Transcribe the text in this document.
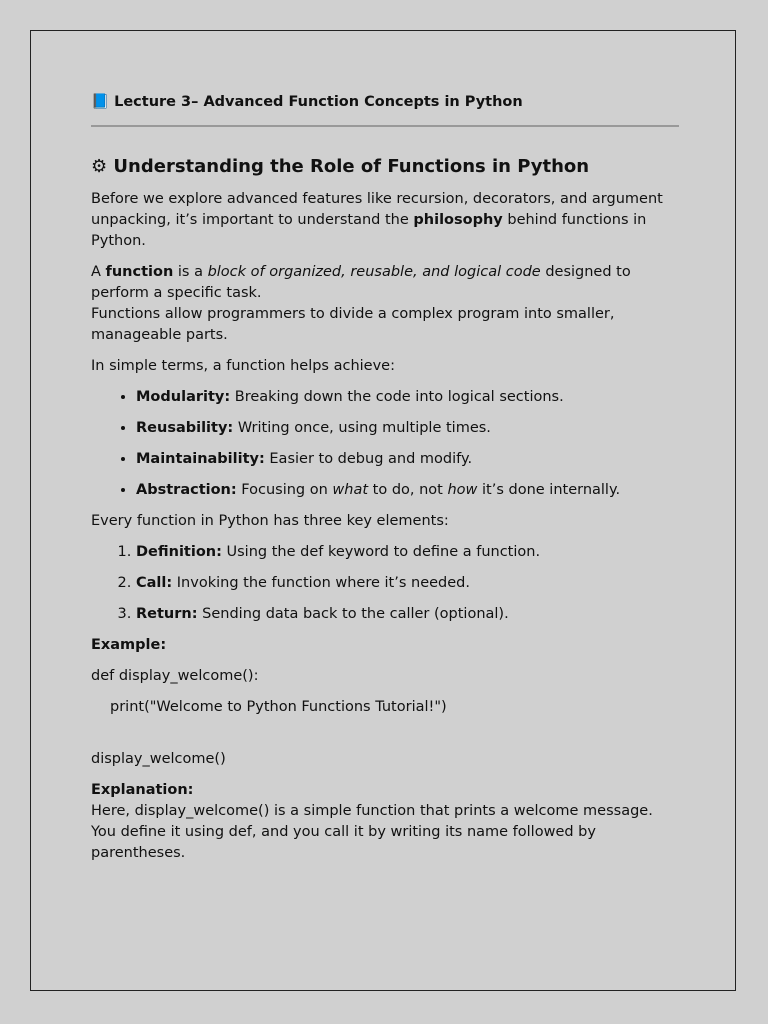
📘 Lecture 3– Advanced Function Concepts in Python
⚙ Understanding the Role of Functions in Python

Before we explore advanced features like recursion, decorators, and argument unpacking, it’s important to understand the philosophy behind functions in Python.

A function is a block of organized, reusable, and logical code designed to perform a specific task.
Functions allow programmers to divide a complex program into smaller, manageable parts.

In simple terms, a function helps achieve:

• Modularity: Breaking down the code into logical sections.
• Reusability: Writing once, using multiple times.
• Maintainability: Easier to debug and modify.
• Abstraction: Focusing on what to do, not how it’s done internally.

Every function in Python has three key elements:

1. Definition: Using the def keyword to define a function.
2. Call: Invoking the function where it’s needed.
3. Return: Sending data back to the caller (optional).

Example:

def display_welcome():
print("Welcome to Python Functions Tutorial!")
display_welcome()

Explanation:
Here, display_welcome() is a simple function that prints a welcome message. You define it using def, and you call it by writing its name followed by parentheses.
